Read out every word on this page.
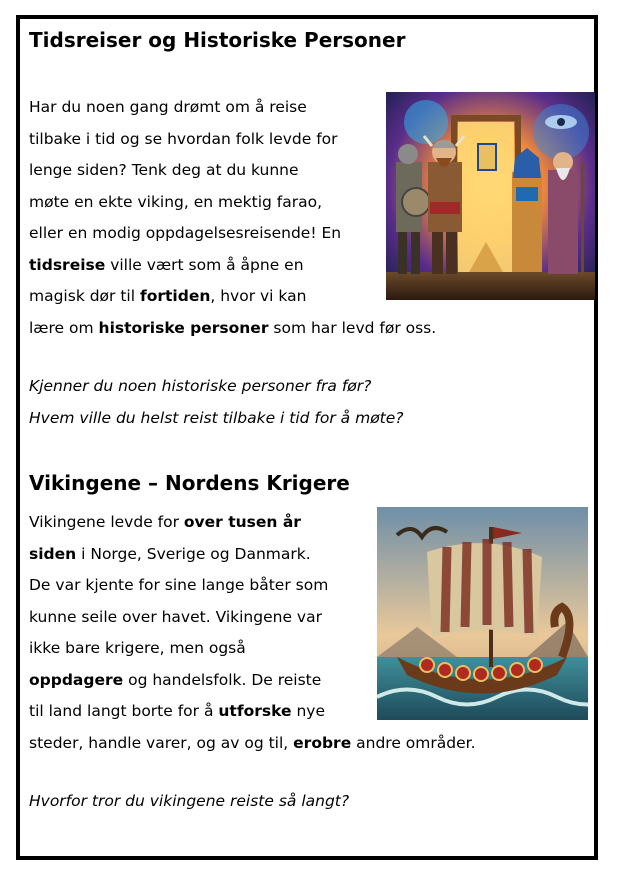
Tidsreiser og Historiske Personer
Har du noen gang drømt om å reise
tilbake i tid og se hvordan folk levde for
lenge siden? Tenk deg at du kunne
møte en ekte viking, en mektig farao,
eller en modig oppdagelsesreisende! En
tidsreise ville vært som å åpne en
magisk dør til fortiden, hvor vi kan
lære om historiske personer som har levd før oss.
Kjenner du noen historiske personer fra før?
Hvem ville du helst reist tilbake i tid for å møte?
Vikingene – Nordens Krigere
Vikingene levde for over tusen år
siden i Norge, Sverige og Danmark.
De var kjente for sine lange båter som
kunne seile over havet. Vikingene var
ikke bare krigere, men også
oppdagere og handelsfolk. De reiste
til land langt borte for å utforske nye
steder, handle varer, og av og til, erobre andre områder.
Hvorfor tror du vikingene reiste så langt?
